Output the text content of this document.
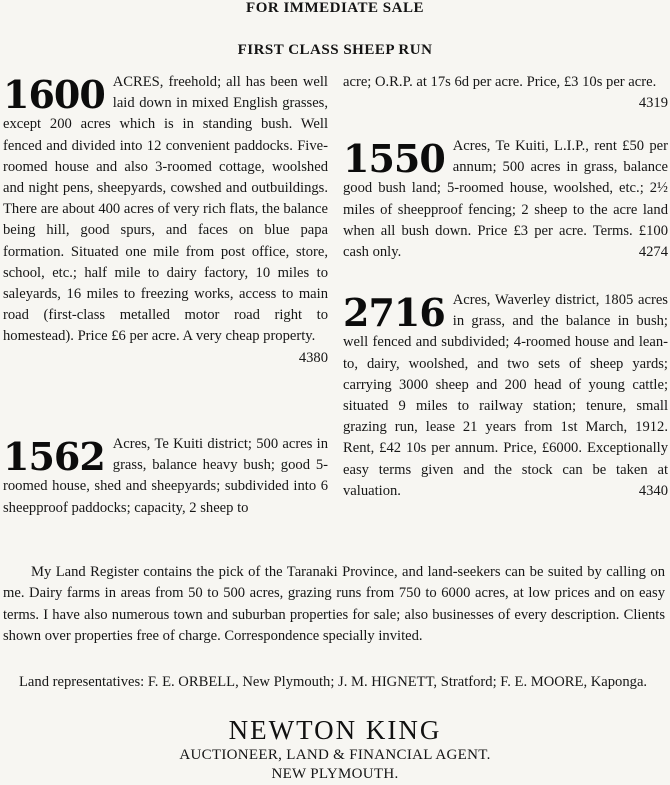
FOR IMMEDIATE SALE
FIRST CLASS SHEEP RUN

1600 ACRES, freehold; all has been well laid down in mixed English grasses, except 200 acres which is in standing bush. Well fenced and divided into 12 convenient paddocks. Five-roomed house and also 3-roomed cottage, woolshed and night pens, sheepyards, cowshed and outbuildings. There are about 400 acres of very rich flats, the balance being hill, good spurs, and faces on blue papa formation. Situated one mile from post office, store, school, etc.; half mile to dairy factory, 10 miles to saleyards, 16 miles to freezing works, access to main road (first-class metalled motor road right to homestead). Price £6 per acre. A very cheap property.
4380

1562 Acres, Te Kuiti district; 500 acres in grass, balance heavy bush; good 5-roomed house, shed and sheepyards; subdivided into 6 sheepproof paddocks; capacity, 2 sheep to

acre; O.R.P. at 17s 6d per acre. Price, £3 10s per acre.
4319

1550 Acres, Te Kuiti, L.I.P., rent £50 per annum; 500 acres in grass, balance good bush land; 5-roomed house, woolshed, etc.; 2½ miles of sheepproof fencing; 2 sheep to the acre land when all bush down. Price £3 per acre. Terms. £100 cash only.	4274

2716 Acres, Waverley district, 1805 acres in grass, and the balance in bush; well fenced and subdivided; 4-roomed house and lean-to, dairy, woolshed, and two sets of sheep yards; carrying 3000 sheep and 200 head of young cattle; situated 9 miles to railway station; tenure, small grazing run, lease 21 years from 1st March, 1912. Rent, £42 10s per annum. Price, £6000. Exceptionally easy terms given and the stock can be taken at valuation.	4340

My Land Register contains the pick of the Taranaki Province, and land-seekers can be suited by calling on me. Dairy farms in areas from 50 to 500 acres, grazing runs from 750 to 6000 acres, at low prices and on easy terms. I have also numerous town and suburban properties for sale; also businesses of every description. Clients shown over properties free of charge. Correspondence specially invited.

Land representatives: F. E. ORBELL, New Plymouth; J. M. HIGNETT, Stratford; F. E. MOORE, Kaponga.

NEWTON KING
AUCTIONEER, LAND & FINANCIAL AGENT.
NEW PLYMOUTH.
